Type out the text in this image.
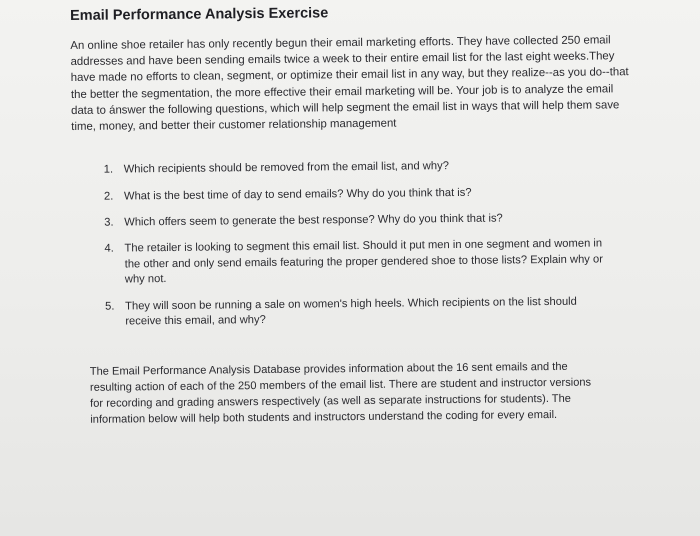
Email Performance Analysis Exercise

An online shoe retailer has only recently begun their email marketing efforts. They have collected 250 email addresses and have been sending emails twice a week to their entire email list for the last eight weeks.They have made no efforts to clean, segment, or optimize their email list in any way, but they realize--as you do--that the better the segmentation, the more effective their email marketing will be. Your job is to analyze the email data to ánswer the following questions, which will help segment the email list in ways that will help them save time, money, and better their customer relationship management

1. Which recipients should be removed from the email list, and why?
2. What is the best time of day to send emails? Why do you think that is?
3. Which offers seem to generate the best response? Why do you think that is?
4. The retailer is looking to segment this email list. Should it put men in one segment and women in the other and only send emails featuring the proper gendered shoe to those lists? Explain why or why not.
5. They will soon be running a sale on women's high heels. Which recipients on the list should receive this email, and why?

The Email Performance Analysis Database provides information about the 16 sent emails and the resulting action of each of the 250 members of the email list. There are student and instructor versions for recording and grading answers respectively (as well as separate instructions for students). The information below will help both students and instructors understand the coding for every email.
